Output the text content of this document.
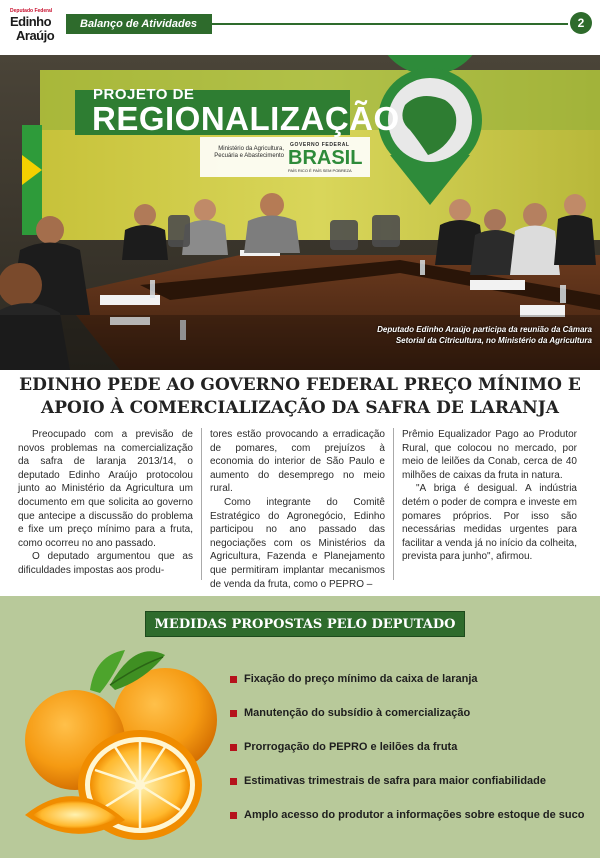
Deputado Federal
Edinho
Araújo
Balanço de Atividades	2
PROJETO DE
REGIONALIZAÇÃO
Ministério da Agricultura, Pecuária e Abastecimento
GOVERNO FEDERAL
BRASIL
PAÍS RICO É PAÍS SEM POBREZA
Deputado Edinho Araújo participa da reunião da Câmara Setorial da Citricultura, no Ministério da Agricultura
EDINHO PEDE AO GOVERNO FEDERAL PREÇO MÍNIMO E APOIO À COMERCIALIZAÇÃO DA SAFRA DE LARANJA

Preocupado com a previsão de novos problemas na comercialização da safra de laranja 2013/14, o deputado Edinho Araújo protocolou junto ao Ministério da Agricultura um documento em que solicita ao governo que antecipe a discussão do problema e fixe um preço mínimo para a fruta, como ocorreu no ano passado.

O deputado argumentou que as dificuldades impostas aos produ-

tores estão provocando a erradicação de pomares, com prejuízos à economia do interior de São Paulo e aumento do desemprego no meio rural.

Como integrante do Comitê Estratégico do Agronegócio, Edinho participou no ano passado das negociações com os Ministérios da Agricultura, Fazenda e Planejamento que permitiram implantar mecanismos de venda da fruta, como o PEPRO –

Prêmio Equalizador Pago ao Produtor Rural, que colocou no mercado, por meio de leilões da Conab, cerca de 40 milhões de caixas da fruta in natura.

"A briga é desigual. A indústria detém o poder de compra e investe em pomares próprios. Por isso são necessárias medidas urgentes para facilitar a venda já no início da colheita, prevista para junho", afirmou.

MEDIDAS PROPOSTAS PELO DEPUTADO
Fixação do preço mínimo da caixa de laranja
Manutenção do subsídio à comercialização
Prorrogação do PEPRO e leilões da fruta
Estimativas trimestrais de safra para maior confiabilidade
Amplo acesso do produtor a informações sobre estoque de suco
